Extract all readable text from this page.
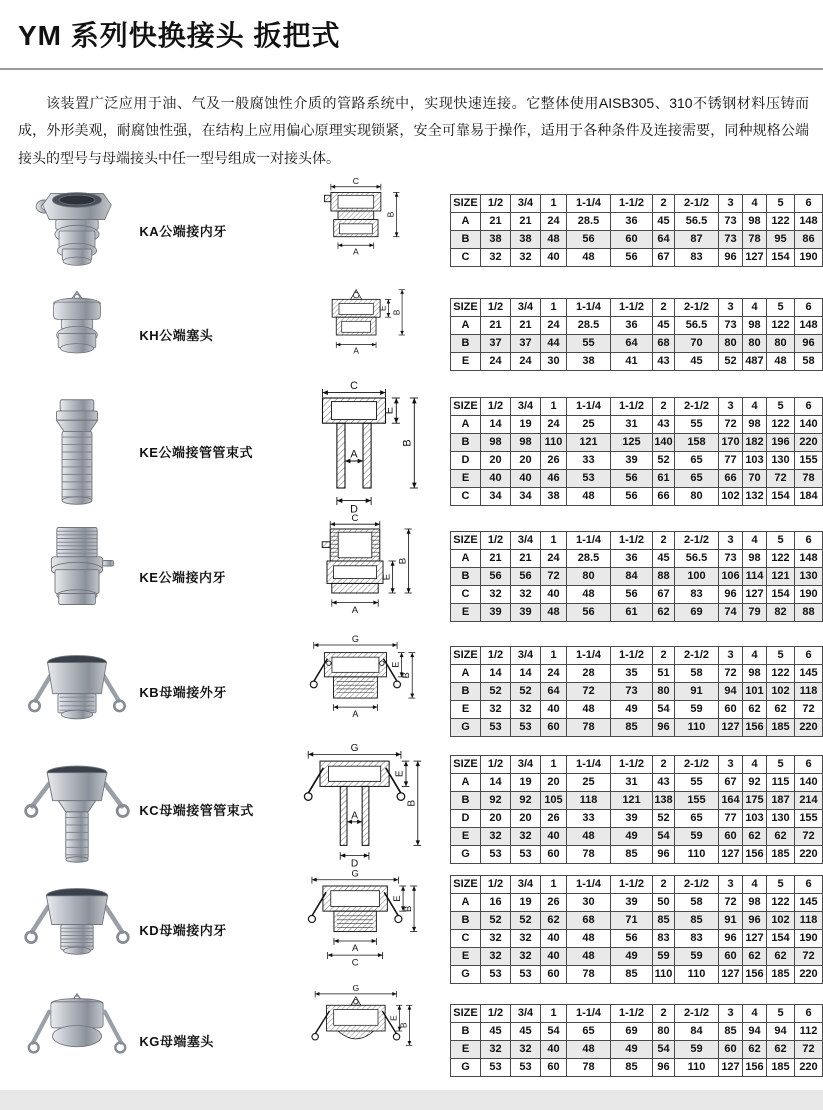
YM 系列快换接头 扳把式

该装置广泛应用于油、气及一般腐蚀性介质的管路系统中，实现快速连接。它整体使用AISB305、310不锈钢材料压铸而成，外形美观，耐腐蚀性强，在结构上应用偏心原理实现锁紧，安全可靠易于操作，适用于各种条件及连接需要，同种规格公端接头的型号与母端接头中任一型号组成一对接头体。

KA公端接内牙
C
B
A
SIZE	1/2	3/4	1	1-1/4	1-1/2	2	2-1/2	3	4	5	6
A	21	21	24	28.5	36	45	56.5	73	98	122	148
B	38	38	48	56	60	64	87	73	78	95	86
C	32	32	40	48	56	67	83	96	127	154	190
KH公端塞头
E
B
A
SIZE	1/2	3/4	1	1-1/4	1-1/2	2	2-1/2	3	4	5	6
A	21	21	24	28.5	36	45	56.5	73	98	122	148
B	37	37	44	55	64	68	70	80	80	80	96
E	24	24	30	38	41	43	45	52	487	48	58
KE公端接管管束式
C
E
B
A
D
SIZE	1/2	3/4	1	1-1/4	1-1/2	2	2-1/2	3	4	5	6
A	14	19	24	25	31	43	55	72	98	122	140
B	98	98	110	121	125	140	158	170	182	196	220
D	20	20	26	33	39	52	65	77	103	130	155
E	40	40	46	53	56	61	65	66	70	72	78
C	34	34	38	48	56	66	80	102	132	154	184
KE公端接内牙
C
E
B
A
SIZE	1/2	3/4	1	1-1/4	1-1/2	2	2-1/2	3	4	5	6
A	21	21	24	28.5	36	45	56.5	73	98	122	148
B	56	56	72	80	84	88	100	106	114	121	130
C	32	32	40	48	56	67	83	96	127	154	190
E	39	39	48	56	61	62	69	74	79	82	88
KB母端接外牙
G
E
B
A
SIZE	1/2	3/4	1	1-1/4	1-1/2	2	2-1/2	3	4	5	6
A	14	14	24	28	35	51	58	72	98	122	145
B	52	52	64	72	73	80	91	94	101	102	118
E	32	32	40	48	49	54	59	60	62	62	72
G	53	53	60	78	85	96	110	127	156	185	220
KC母端接管管束式
G
E
B
A
D
SIZE	1/2	3/4	1	1-1/4	1-1/2	2	2-1/2	3	4	5	6
A	14	19	20	25	31	43	55	67	92	115	140
B	92	92	105	118	121	138	155	164	175	187	214
D	20	20	26	33	39	52	65	77	103	130	155
E	32	32	40	48	49	54	59	60	62	62	72
G	53	53	60	78	85	96	110	127	156	185	220
KD母端接内牙
G
E
B
A
C
SIZE	1/2	3/4	1	1-1/4	1-1/2	2	2-1/2	3	4	5	6
A	16	19	26	30	39	50	58	72	98	122	145
B	52	52	62	68	71	85	85	91	96	102	118
C	32	32	40	48	56	83	83	96	127	154	190
E	32	32	40	48	49	59	59	60	62	62	72
G	53	53	60	78	85	110	110	127	156	185	220
KG母端塞头
G
E
B
SIZE	1/2	3/4	1	1-1/4	1-1/2	2	2-1/2	3	4	5	6
B	45	45	54	65	69	80	84	85	94	94	112
E	32	32	40	48	49	54	59	60	62	62	72
G	53	53	60	78	85	96	110	127	156	185	220
